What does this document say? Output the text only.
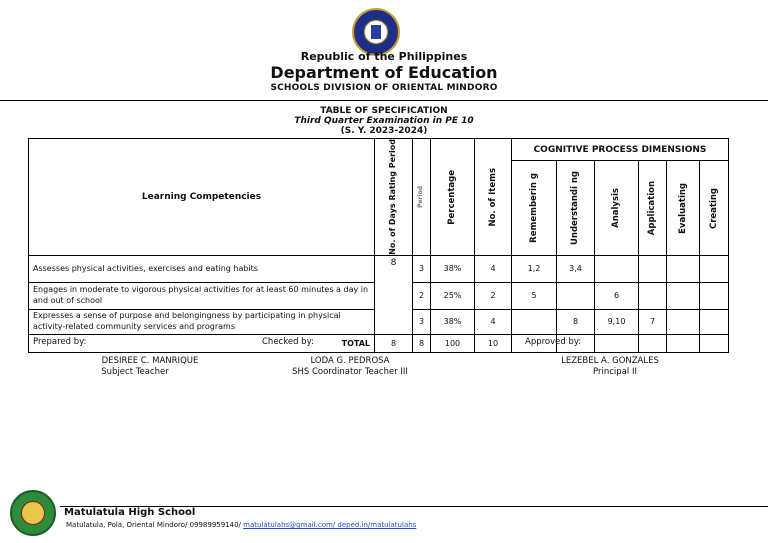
Republic of the Philippines
Department of Education
SCHOOLS DIVISION OF ORIENTAL MINDORO
TABLE OF SPECIFICATION
Third Quarter Examination in PE 10
(S. Y. 2023-2024)
Learning Competencies	No. of Days Rating Period	Period	Percentage	No. of Items	COGNITIVE PROCESS DIMENSIONS					

					Rememberin g	Understandi ng	Analysis	Application	Evaluating	Creating

Assesses physical activities, exercises and eating habits	8	3	38%	4	1,2	3,4				
Engages in moderate to vigorous physical activities for at least 60 minutes a day in and out of school		2	25%	2	5		6			
Expresses a sense of purpose and belongingness by participating in physical activity-related community services and programs		3	38%	4		8	9,10	7		
TOTAL	8	8	100	10						
Prepared by:	Checked by:	Approved by:
DESIREE C. MANRIQUE
Subject Teacher
LODA G. PEDROSA
SHS Coordinator Teacher III
LEZEBEL A. GONZALES
Principal II
Matulatula High School
Matulatula, Pola, Oriental Mindoro/ 09989959140/ matulatulahs@gmail.com/ deped.in/matulatulahs
